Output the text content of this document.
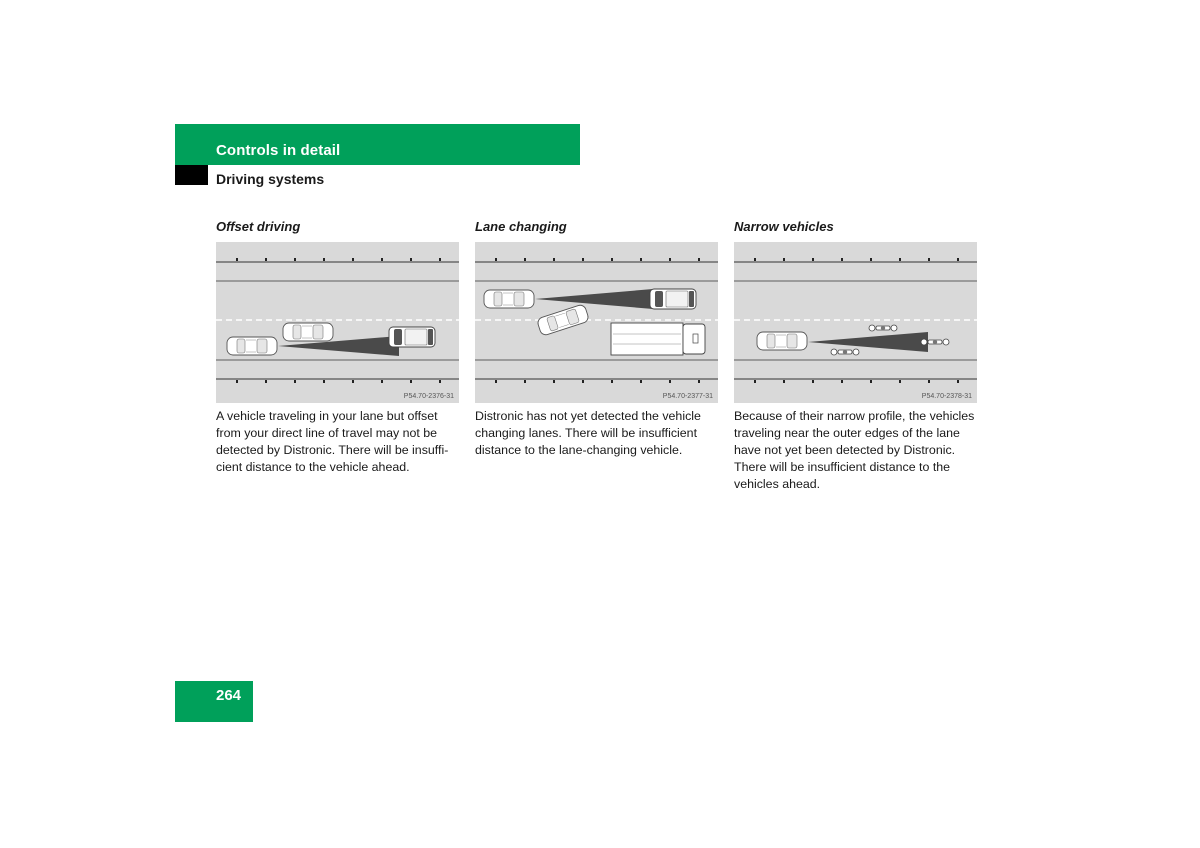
Controls in detail
Driving systems
Offset driving
P54.70-2376-31
A vehicle traveling in your lane but offset from your direct line of travel may not be detected by Distronic. There will be insuffi-cient distance to the vehicle ahead.
Lane changing
P54.70-2377-31
Distronic has not yet detected the vehicle changing lanes. There will be insufficient distance to the lane-changing vehicle.
Narrow vehicles
P54.70-2378-31
Because of their narrow profile, the vehicles traveling near the outer edges of the lane have not yet been detected by Distronic. There will be insufficient distance to the vehicles ahead.
264
